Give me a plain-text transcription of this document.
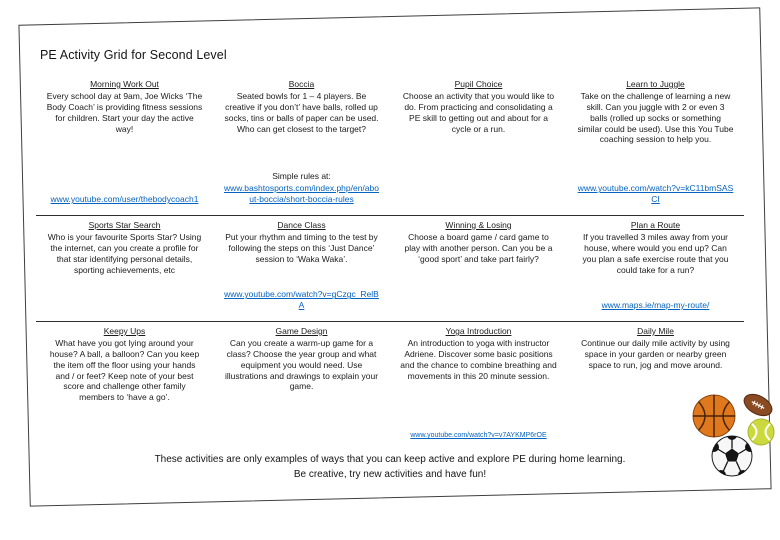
PE Activity Grid for Second Level
Morning Work Out
Every school day at 9am, Joe Wicks ‘The Body Coach’ is providing fitness sessions for children. Start your day the active way!
www.youtube.com/user/thebodycoach1
Boccia
Seated bowls for 1 – 4 players. Be creative if you don’t’ have balls, rolled up socks, tins or balls of paper can be used. Who can get closest to the target?
Simple rules at:
www.bashtosports.com/index.php/en/about-boccia/short-boccia-rules
Pupil Choice
Choose an activity that you would like to do. From practicing and consolidating a PE skill to getting out and about for a cycle or a run.
Learn to Juggle
Take on the challenge of learning a new skill. Can you juggle with 2 or even 3 balls (rolled up socks or something similar could be used). Use this You Tube coaching session to help you.
www.youtube.com/watch?v=kC11bmSASCI
Sports Star Search
Who is your favourite Sports Star? Using the internet, can you create a profile for that star identifying personal details, sporting achievements, etc
Dance Class
Put your rhythm and timing to the test by following the steps on this ‘Just Dance’ session to ‘Waka Waka’.
www.youtube.com/watch?v=gCzgc_RelBA
Winning & Losing
Choose a board game / card game to play with another person. Can you be a ‘good sport’ and take part fairly?
Plan a Route
If you travelled 3 miles away from your house, where would you end up? Can you plan a safe exercise route that you could take for a run?
www.maps.ie/map-my-route/
Keepy Ups
What have you got lying around your house? A ball, a balloon? Can you keep the item off the floor using your hands and / or feet? Keep note of your best score and challenge other family members to ‘have a go’.
Game Design
Can you create a warm-up game for a class? Choose the year group and what equipment you would need. Use illustrations and drawings to explain your game.
Yoga Introduction
An introduction to yoga with instructor Adriene. Discover some basic positions and the chance to combine breathing and movements in this 20 minute session.
www.youtube.com/watch?v=v7AYKMP6rOE
Daily Mile
Continue our daily mile activity by using space in your garden or nearby green space to run, jog and move around.
These activities are only examples of ways that you can keep active and explore PE during home learning.
Be creative, try new activities and have fun!
